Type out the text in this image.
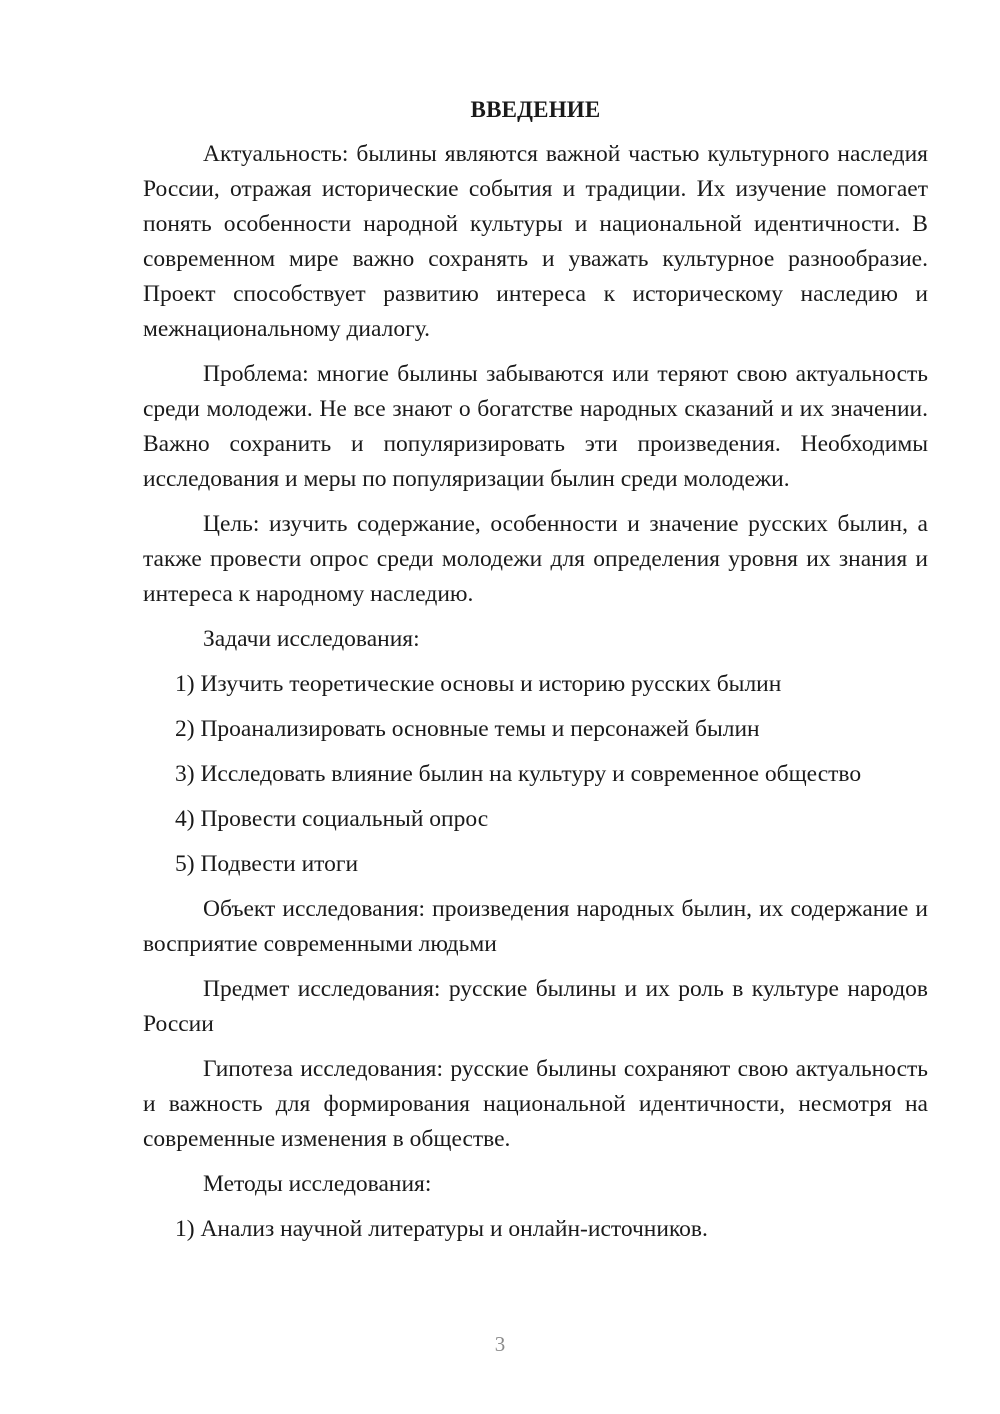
ВВЕДЕНИЕ

Актуальность: былины являются важной частью культурного наследия России, отражая исторические события и традиции. Их изучение помогает понять особенности народной культуры и национальной идентичности. В современном мире важно сохранять и уважать культурное разнообразие. Проект способствует развитию интереса к историческому наследию и межнациональному диалогу.

Проблема: многие былины забываются или теряют свою актуальность среди молодежи. Не все знают о богатстве народных сказаний и их значении. Важно сохранить и популяризировать эти произведения. Необходимы исследования и меры по популяризации былин среди молодежи.

Цель: изучить содержание, особенности и значение русских былин, а также провести опрос среди молодежи для определения уровня их знания и интереса к народному наследию.

Задачи исследования:
1) Изучить теоретические основы и историю русских былин
2) Проанализировать основные темы и персонажей былин
3) Исследовать влияние былин на культуру и современное общество
4) Провести социальный опрос
5) Подвести итоги

Объект исследования: произведения народных былин, их содержание и восприятие современными людьми

Предмет исследования: русские былины и их роль в культуре народов России

Гипотеза исследования: русские былины сохраняют свою актуальность и важность для формирования национальной идентичности, несмотря на современные изменения в обществе.

Методы исследования:
1) Анализ научной литературы и онлайн-источников.
3
